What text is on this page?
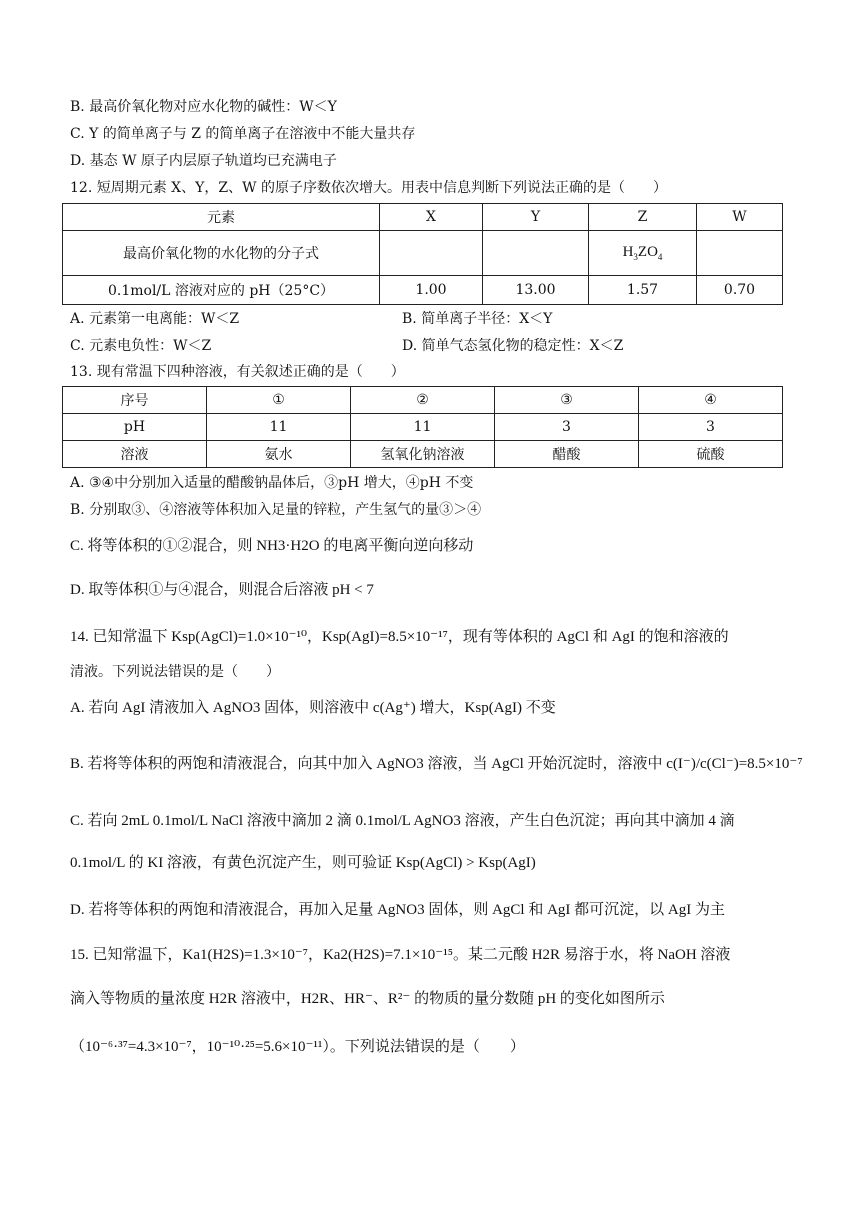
B. 最高价氧化物对应水化物的碱性：W＜Y
C. Y 的简单离子与 Z 的简单离子在溶液中不能大量共存
D. 基态 W 原子内层原子轨道均已充满电子
12. 短周期元素 X、Y，Z、W 的原子序数依次增大。用表中信息判断下列说法正确的是（　　）
元素	X	Y	Z	W
最高价氧化物的水化物的分子式			$H_3ZO_4$	
0.1mol/L 溶液对应的 pH（25°C）	1.00	13.00	1.57	0.70
A. 元素第一电离能：W＜Z	B. 简单离子半径：X＜Y
C. 元素电负性：W＜Z	D. 简单气态氢化物的稳定性：X＜Z
13. 现有常温下四种溶液，有关叙述正确的是（　　）
序号	①	②	③	④
pH	11	11	3	3
溶液	氨水	氢氧化钠溶液	醋酸	硫酸
A. ③④中分别加入适量的醋酸钠晶体后，③pH 增大，④pH 不变
B. 分别取③、④溶液等体积加入足量的锌粒，产生氢气的量③＞④
C. 将等体积的①②混合，则 NH3·H2O 的电离平衡向逆向移动
D. 取等体积①与④混合，则混合后溶液 pH < 7
14. 已知常温下 Ksp(AgCl)=1.0×10⁻¹⁰，Ksp(AgI)=8.5×10⁻¹⁷，现有等体积的 AgCl 和 AgI 的饱和溶液的
清液。下列说法错误的是（　　）
A. 若向 AgI 清液加入 AgNO3 固体，则溶液中 c(Ag⁺) 增大，Ksp(AgI) 不变
B. 若将等体积的两饱和清液混合，向其中加入 AgNO3 溶液，当 AgCl 开始沉淀时，溶液中 c(I⁻)/c(Cl⁻)=8.5×10⁻⁷
C. 若向 2mL 0.1mol/L NaCl 溶液中滴加 2 滴 0.1mol/L AgNO3 溶液，产生白色沉淀；再向其中滴加 4 滴
0.1mol/L 的 KI 溶液，有黄色沉淀产生，则可验证 Ksp(AgCl) > Ksp(AgI)
D. 若将等体积的两饱和清液混合，再加入足量 AgNO3 固体，则 AgCl 和 AgI 都可沉淀，以 AgI 为主
15. 已知常温下，Ka1(H2S)=1.3×10⁻⁷，Ka2(H2S)=7.1×10⁻¹⁵。某二元酸 H2R 易溶于水，将 NaOH 溶液
滴入等物质的量浓度 H2R 溶液中，H2R、HR⁻、R²⁻ 的物质的量分数随 pH 的变化如图所示
（10⁻⁶·³⁷=4.3×10⁻⁷，10⁻¹⁰·²⁵=5.6×10⁻¹¹）。下列说法错误的是（　　）
